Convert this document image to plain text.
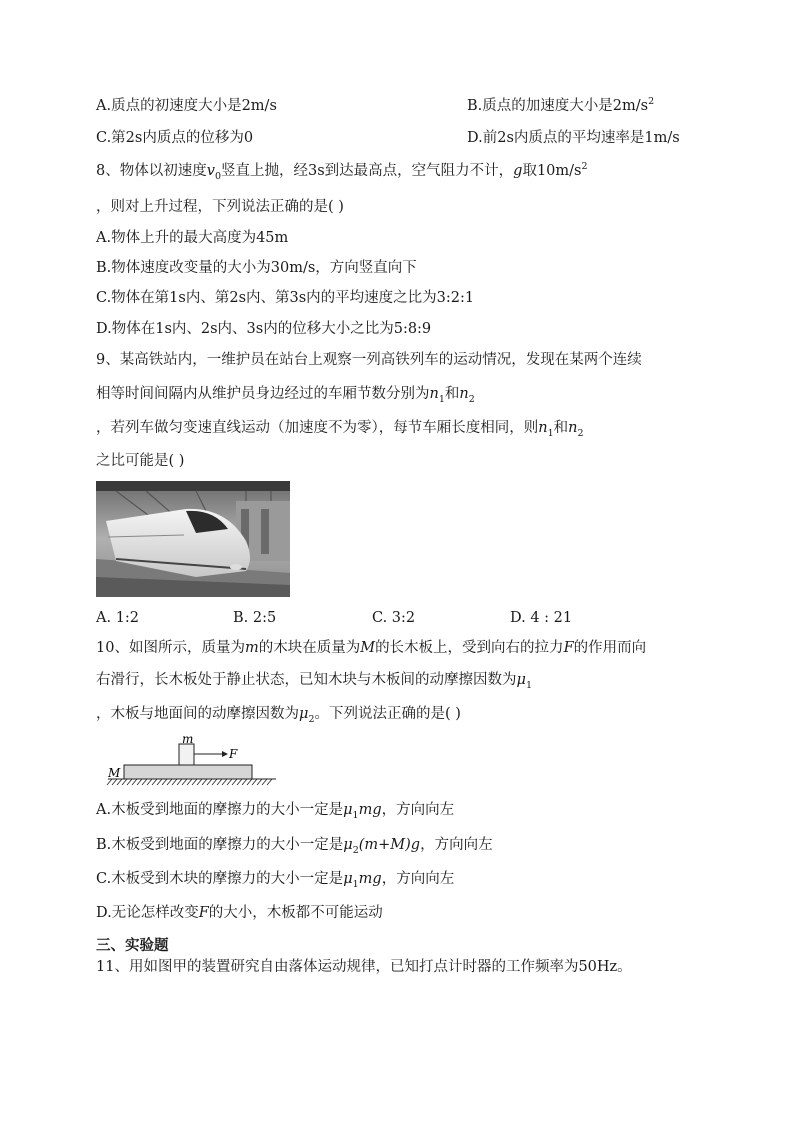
A.质点的初速度大小是2m/s	B.质点的加速度大小是$2m/s^2$
C.第2s内质点的位移为0	D.前2s内质点的平均速率是1m/s
8、物体以初速度$v_0$竖直上抛，经3s到达最高点，空气阻力不计，g取$10m/s^2$
，则对上升过程，下列说法正确的是( )
A.物体上升的最大高度为45m
B.物体速度改变量的大小为30m/s，方向竖直向下
C.物体在第1s内、第2s内、第3s内的平均速度之比为3:2:1
D.物体在1s内、2s内、3s内的位移大小之比为5:8:9
9、某高铁站内，一维护员在站台上观察一列高铁列车的运动情况，发现在某两个连续
相等时间间隔内从维护员身边经过的车厢节数分别为$n_1$和$n_2$
，若列车做匀变速直线运动（加速度不为零），每节车厢长度相同，则$n_1$和$n_2$
之比可能是( )
A. 1:2	B. 2:5	C. 3:2	D. 4 : 21
10、如图所示，质量为m的木块在质量为M的长木板上，受到向右的拉力F的作用而向
右滑行，长木板处于静止状态，已知木块与木板间的动摩擦因数为$\mu_1$
，木板与地面间的动摩擦因数为$\mu_2$。下列说法正确的是( )
m
F
M
A.木板受到地面的摩擦力的大小一定是$\mu_1mg$，方向向左
B.木板受到地面的摩擦力的大小一定是$\mu_2(m+M)g$，方向向左
C.木板受到木块的摩擦力的大小一定是$\mu_1mg$，方向向左
D.无论怎样改变F的大小，木板都不可能运动
三、实验题
11、用如图甲的装置研究自由落体运动规律，已知打点计时器的工作频率为50Hz。
